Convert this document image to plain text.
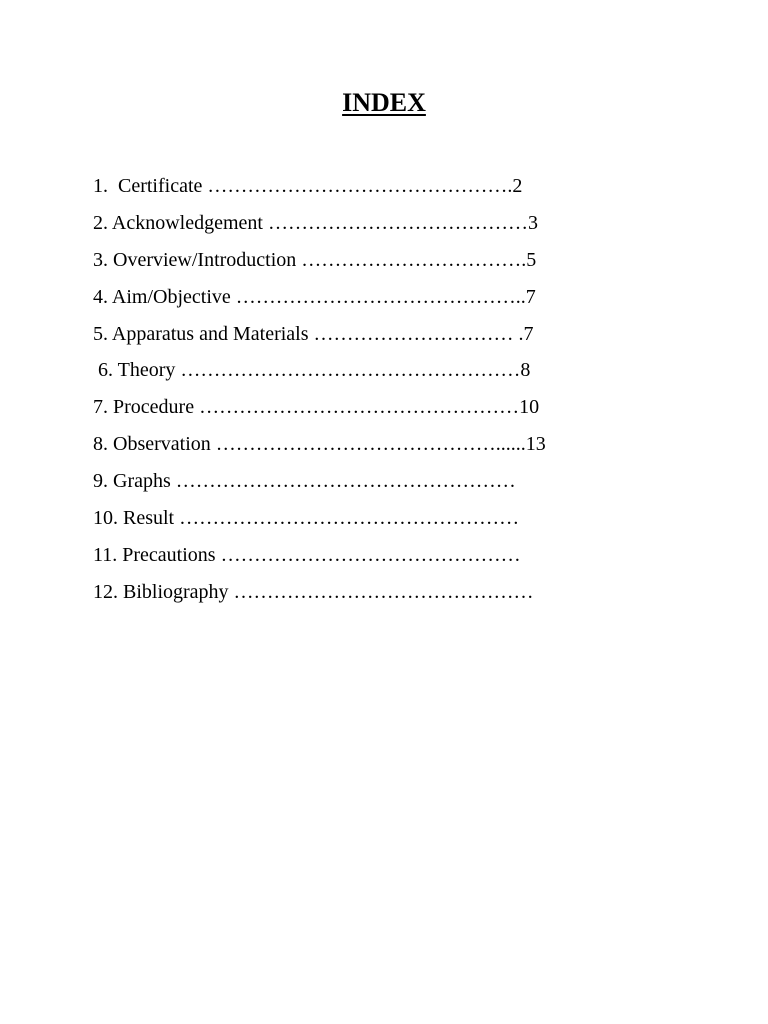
INDEX
1.  Certificate ……………………………………….2
2. Acknowledgement …………………………………3
3. Overview/Introduction …………………………….5
4. Aim/Objective ……………………………………..7
5. Apparatus and Materials ………………………… .7
6. Theory ……………………………………………8
7. Procedure …………………………………………10
8. Observation ……………………………………......13
9. Graphs ……………………………………………
10. Result ……………………………………………
11. Precautions ………………………………………
12. Bibliography ………………………………………
